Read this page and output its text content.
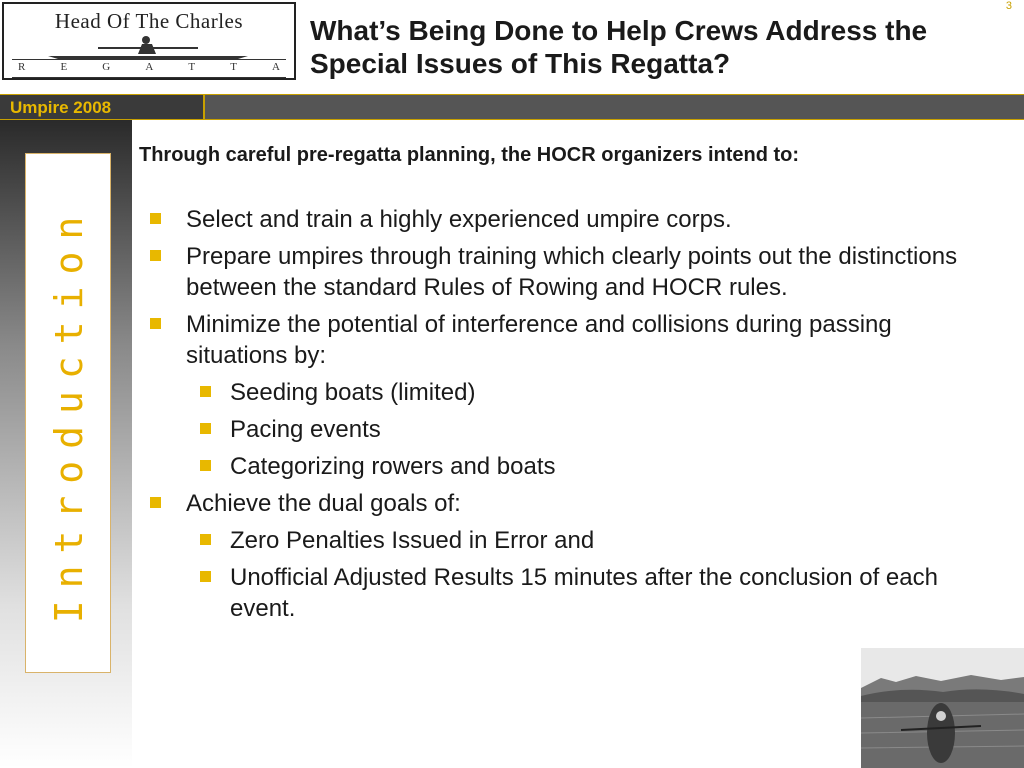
Head Of The Charles
R	E	G	A	T	T	A
3
What’s Being Done to Help Crews Address the Special Issues of This Regatta?
Umpire 2008
Introduction
Through careful pre-regatta planning, the HOCR organizers intend to:
Select and train a highly experienced umpire corps.
Prepare umpires through training which clearly points out the distinctions between the standard Rules of Rowing and HOCR rules.
Minimize the potential of interference and collisions during passing situations by:
Seeding boats (limited)
Pacing events
Categorizing rowers and boats
Achieve the dual goals of:
Zero Penalties Issued in Error and
Unofficial Adjusted Results 15 minutes after the conclusion of each event.
